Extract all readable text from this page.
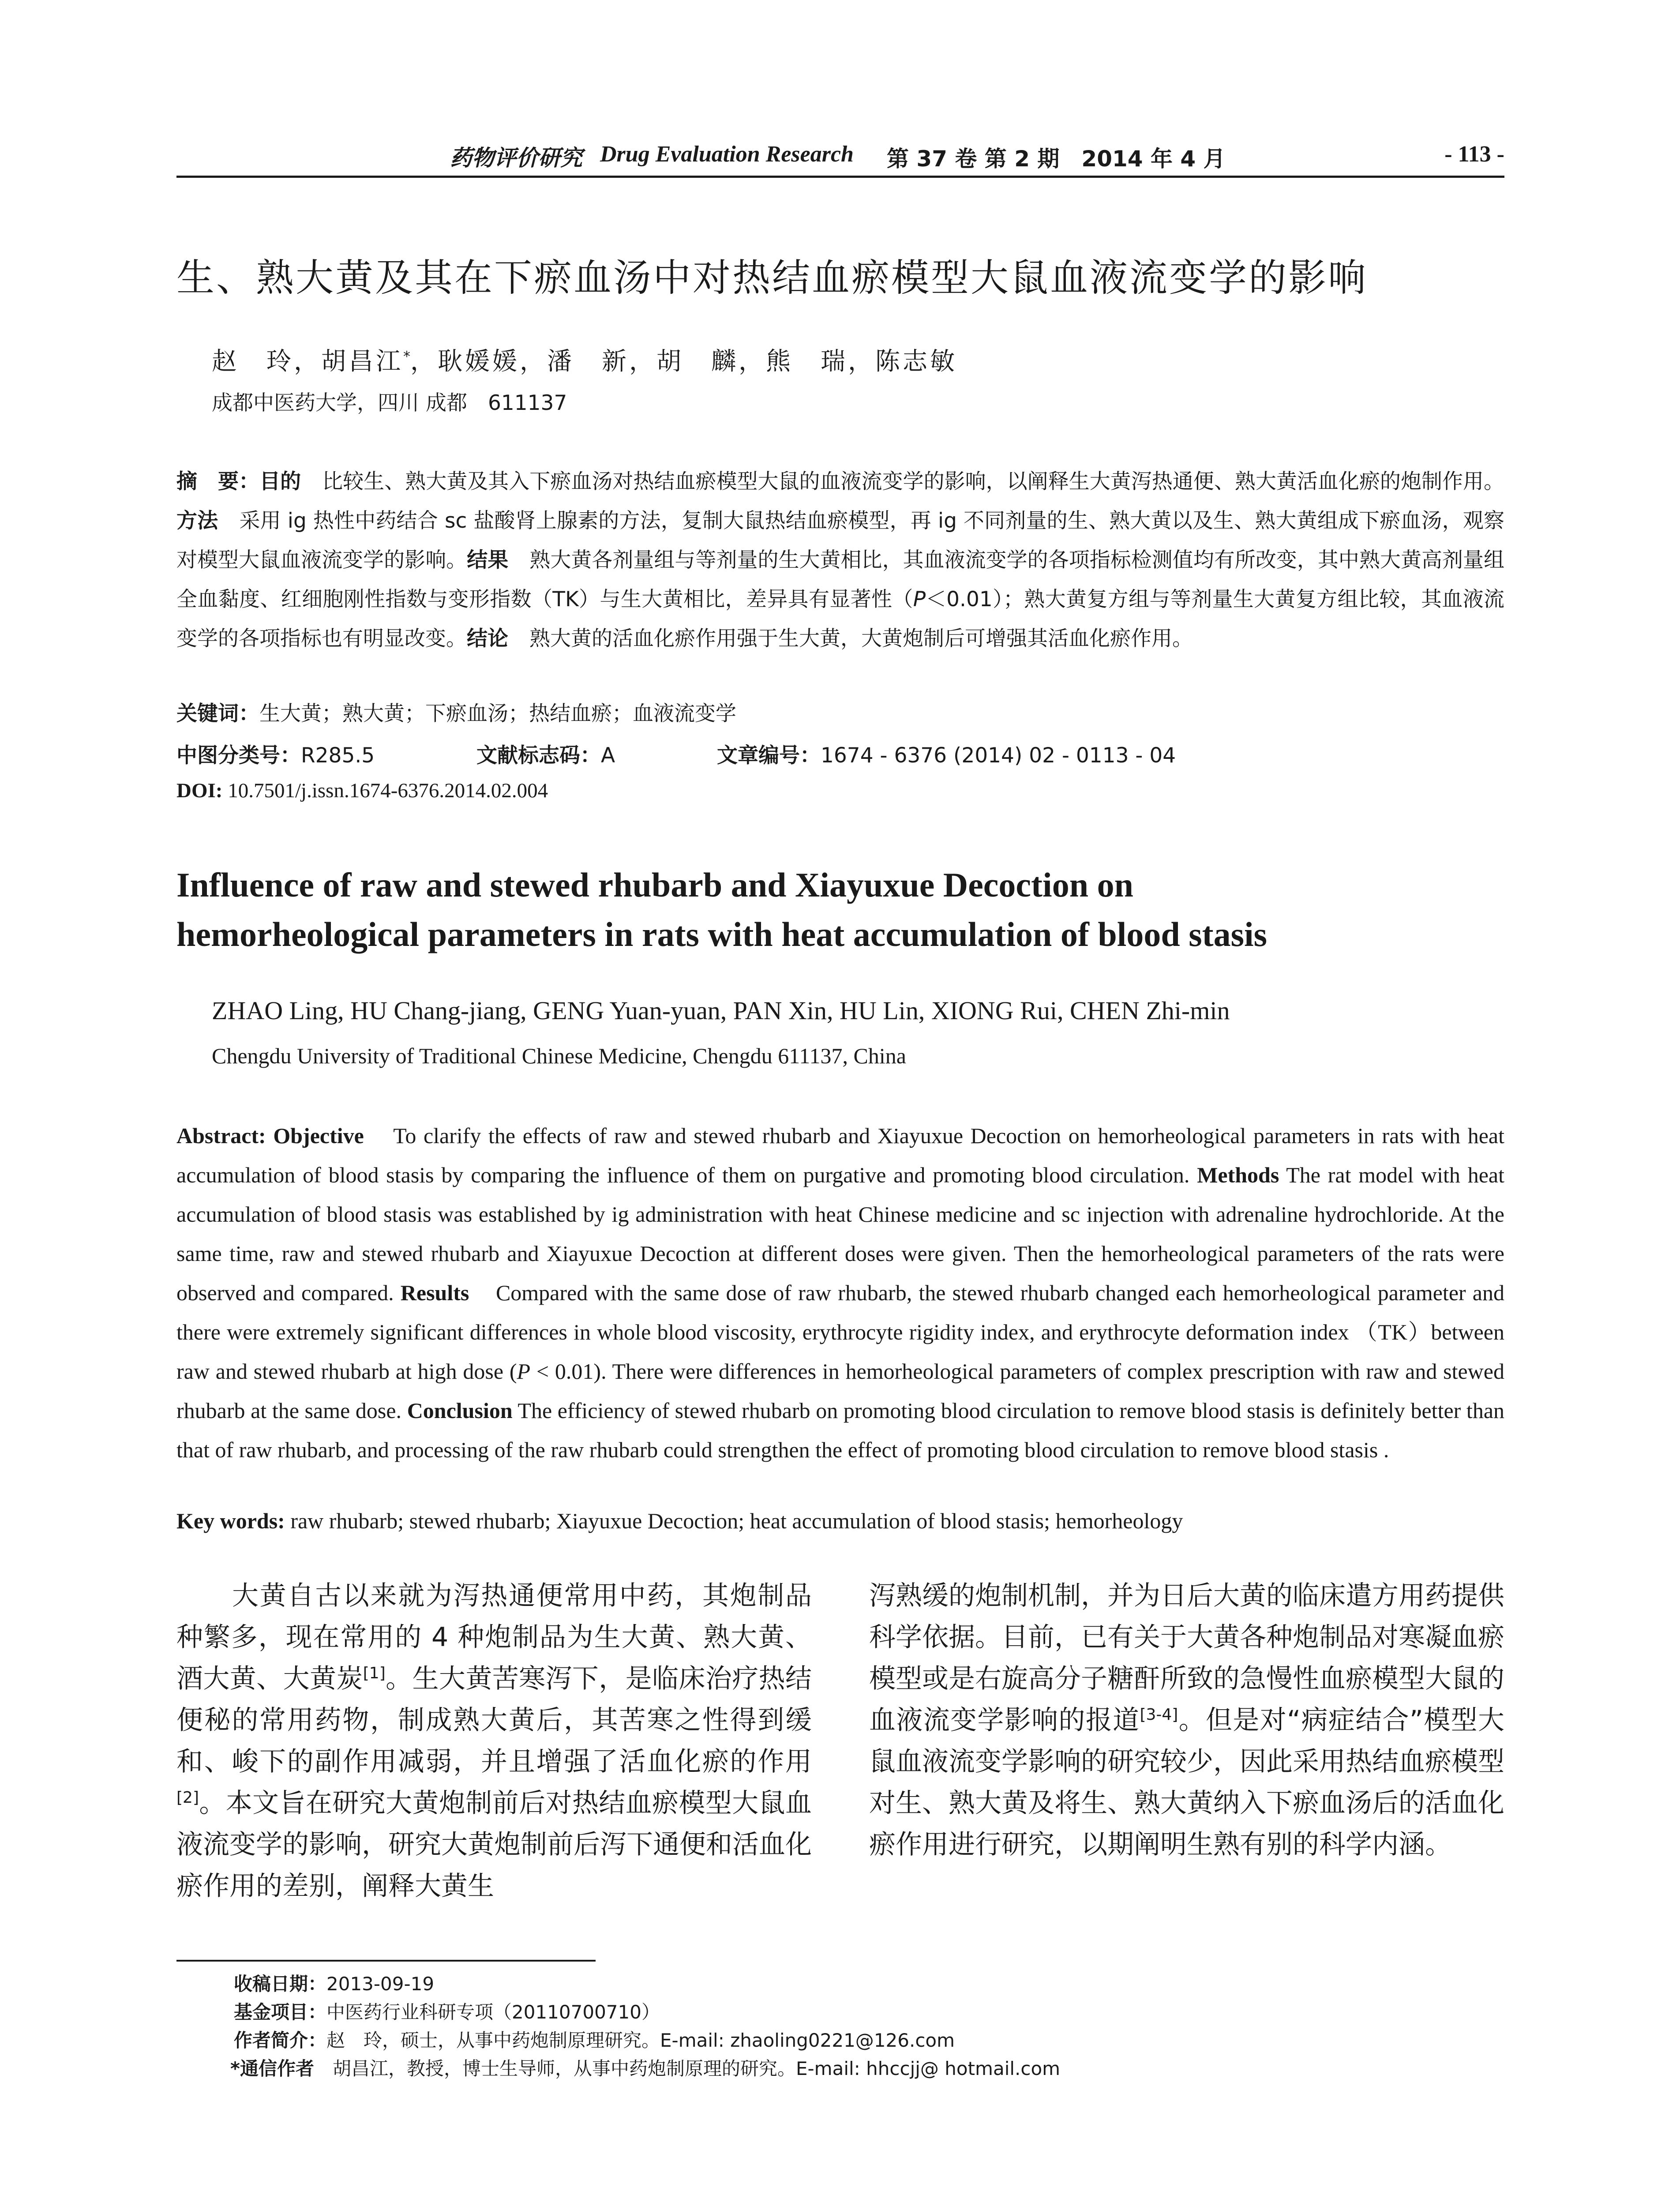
药物评价研究 Drug Evaluation Research 第 37 卷 第 2 期　2014 年 4 月	- 113 -
生、熟大黄及其在下瘀血汤中对热结血瘀模型大鼠血液流变学的影响
赵　玲，胡昌江*，耿媛媛，潘　新，胡　麟，熊　瑞，陈志敏
成都中医药大学，四川 成都　611137
摘　要：目的 比较生、熟大黄及其入下瘀血汤对热结血瘀模型大鼠的血液流变学的影响，以阐释生大黄泻热通便、熟大黄活血化瘀的炮制作用。方法 采用 ig 热性中药结合 sc 盐酸肾上腺素的方法，复制大鼠热结血瘀模型，再 ig 不同剂量的生、熟大黄以及生、熟大黄组成下瘀血汤，观察对模型大鼠血液流变学的影响。结果 熟大黄各剂量组与等剂量的生大黄相比，其血液流变学的各项指标检测值均有所改变，其中熟大黄高剂量组全血黏度、红细胞刚性指数与变形指数（TK）与生大黄相比，差异具有显著性（P＜0.01）；熟大黄复方组与等剂量生大黄复方组比较，其血液流变学的各项指标也有明显改变。结论 熟大黄的活血化瘀作用强于生大黄，大黄炮制后可增强其活血化瘀作用。
关键词：生大黄；熟大黄；下瘀血汤；热结血瘀；血液流变学
中图分类号：R285.5	文献标志码：A	文章编号：1674 - 6376 (2014) 02 - 0113 - 04
DOI: 10.7501/j.issn.1674-6376.2014.02.004
Influence of raw and stewed rhubarb and Xiayuxue Decoction on
hemorheological parameters in rats with heat accumulation of blood stasis
ZHAO Ling, HU Chang-jiang, GENG Yuan-yuan, PAN Xin, HU Lin, XIONG Rui, CHEN Zhi-min
Chengdu University of Traditional Chinese Medicine, Chengdu 611137, China
Abstract: Objective To clarify the effects of raw and stewed rhubarb and Xiayuxue Decoction on hemorheological parameters in rats with heat accumulation of blood stasis by comparing the influence of them on purgative and promoting blood circulation. Methods The rat model with heat accumulation of blood stasis was established by ig administration with heat Chinese medicine and sc injection with adrenaline hydrochloride. At the same time, raw and stewed rhubarb and Xiayuxue Decoction at different doses were given. Then the hemorheological parameters of the rats were observed and compared. Results Compared with the same dose of raw rhubarb, the stewed rhubarb changed each hemorheological parameter and there were extremely significant differences in whole blood viscosity, erythrocyte rigidity index, and erythrocyte deformation index （TK）between raw and stewed rhubarb at high dose (P < 0.01). There were differences in hemorheological parameters of complex prescription with raw and stewed rhubarb at the same dose. Conclusion The efficiency of stewed rhubarb on promoting blood circulation to remove blood stasis is definitely better than that of raw rhubarb, and processing of the raw rhubarb could strengthen the effect of promoting blood circulation to remove blood stasis .
Key words: raw rhubarb; stewed rhubarb; Xiayuxue Decoction; heat accumulation of blood stasis; hemorheology

大黄自古以来就为泻热通便常用中药，其炮制品种繁多，现在常用的 4 种炮制品为生大黄、熟大黄、酒大黄、大黄炭[1]。生大黄苦寒泻下，是临床治疗热结便秘的常用药物，制成熟大黄后，其苦寒之性得到缓和、峻下的副作用减弱，并且增强了活血化瘀的作用[2]。本文旨在研究大黄炮制前后对热结血瘀模型大鼠血液流变学的影响，研究大黄炮制前后泻下通便和活血化瘀作用的差别，阐释大黄生

泻熟缓的炮制机制，并为日后大黄的临床遣方用药提供科学依据。目前，已有关于大黄各种炮制品对寒凝血瘀模型或是右旋高分子糖酐所致的急慢性血瘀模型大鼠的血液流变学影响的报道[3-4]。但是对“病症结合”模型大鼠血液流变学影响的研究较少，因此采用热结血瘀模型对生、熟大黄及将生、熟大黄纳入下瘀血汤后的活血化瘀作用进行研究，以期阐明生熟有别的科学内涵。

收稿日期：2013-09-19
基金项目：中医药行业科研专项（20110700710）
作者简介：赵　玲，硕士，从事中药炮制原理研究。E-mail: zhaoling0221@126.com
*通信作者　胡昌江，教授，博士生导师，从事中药炮制原理的研究。E-mail: hhccjj@ hotmail.com
